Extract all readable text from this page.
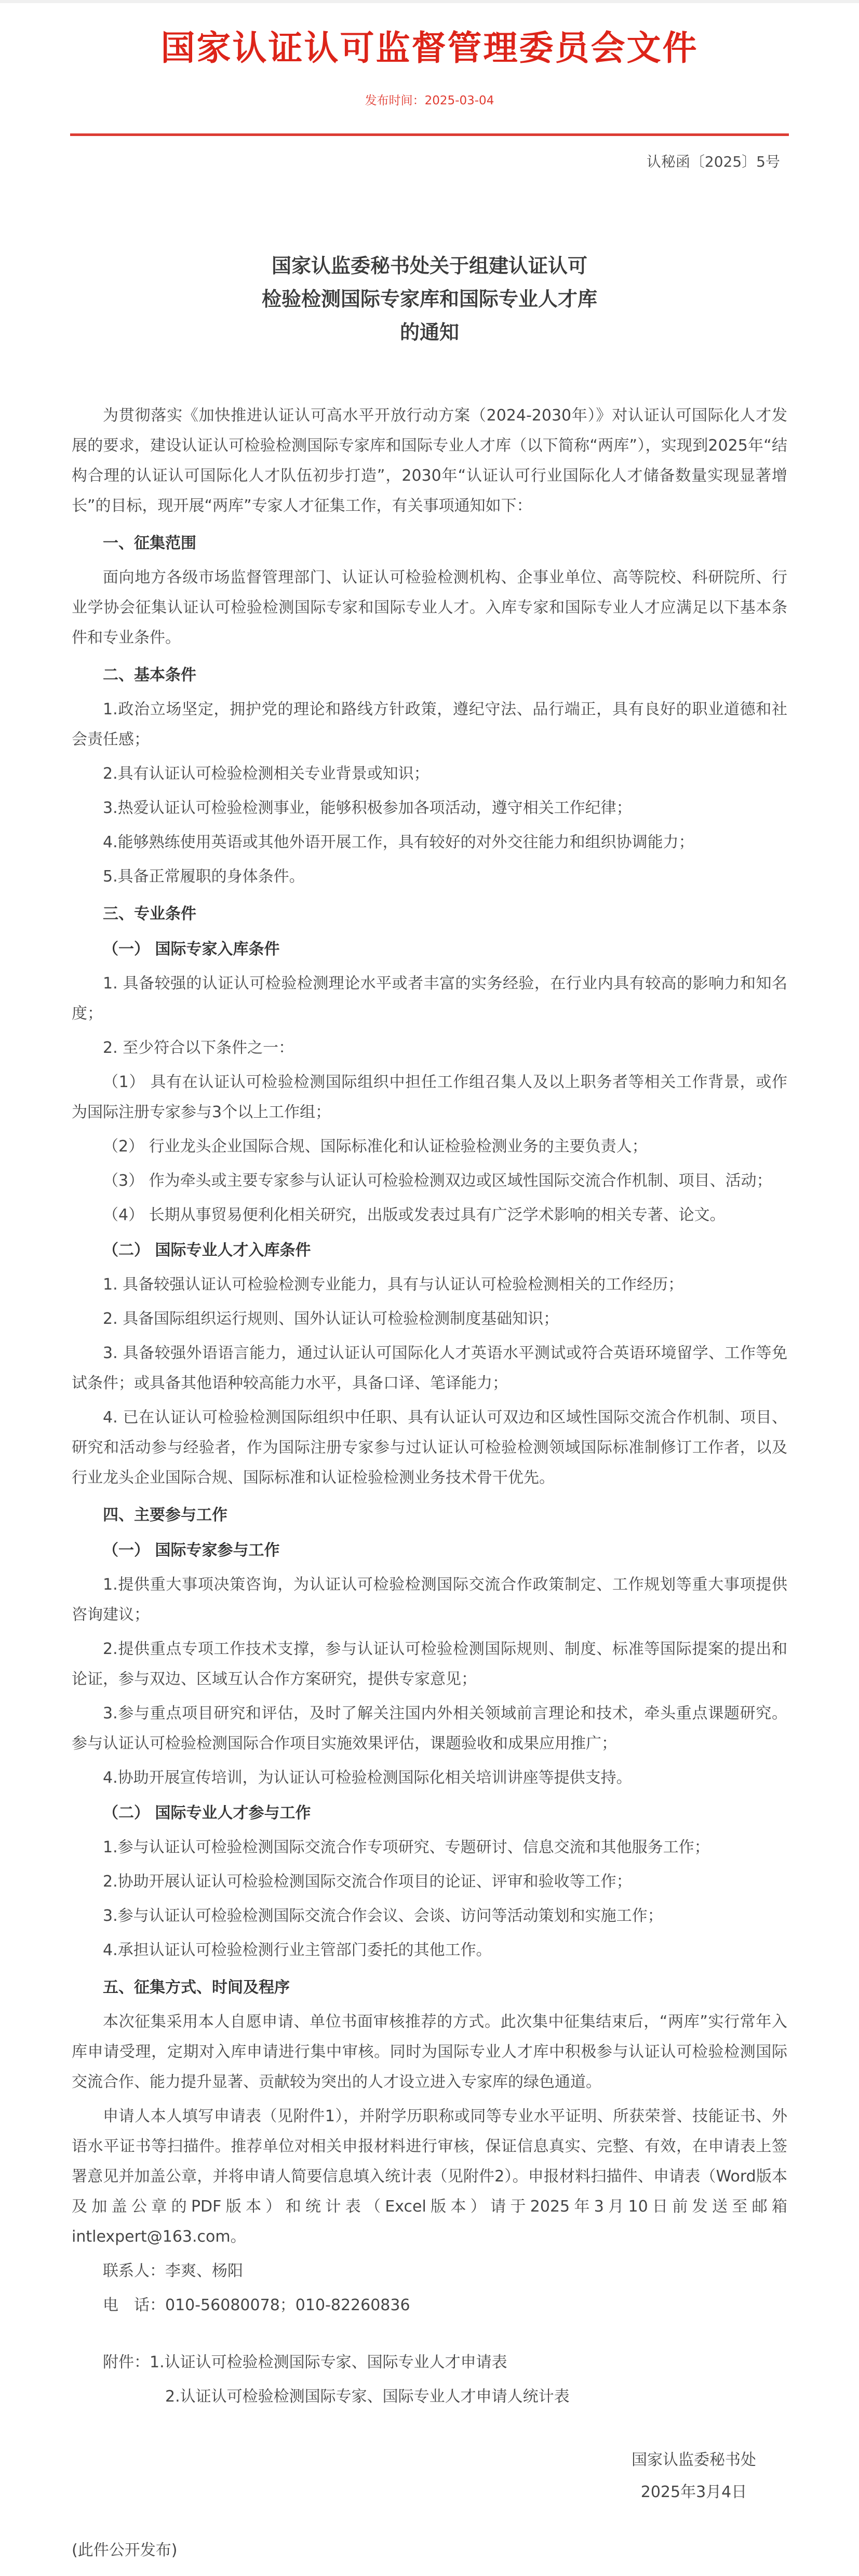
国家认证认可监督管理委员会文件
发布时间：2025-03-04
认秘函〔2025〕5号
国家认监委秘书处关于组建认证认可
检验检测国际专家库和国际专业人才库
的通知
为贯彻落实《加快推进认证认可高水平开放行动方案（2024-2030年）》对认证认可国际化人才发展的要求，建设认证认可检验检测国际专家库和国际专业人才库（以下简称“两库”），实现到2025年“结构合理的认证认可国际化人才队伍初步打造”，2030年“认证认可行业国际化人才储备数量实现显著增长”的目标，现开展“两库”专家人才征集工作，有关事项通知如下：
一、征集范围
面向地方各级市场监督管理部门、认证认可检验检测机构、企事业单位、高等院校、科研院所、行业学协会征集认证认可检验检测国际专家和国际专业人才。入库专家和国际专业人才应满足以下基本条件和专业条件。
二、基本条件
1.政治立场坚定，拥护党的理论和路线方针政策，遵纪守法、品行端正，具有良好的职业道德和社会责任感；
2.具有认证认可检验检测相关专业背景或知识；
3.热爱认证认可检验检测事业，能够积极参加各项活动，遵守相关工作纪律；
4.能够熟练使用英语或其他外语开展工作，具有较好的对外交往能力和组织协调能力；
5.具备正常履职的身体条件。
三、专业条件
（一） 国际专家入库条件
1. 具备较强的认证认可检验检测理论水平或者丰富的实务经验，在行业内具有较高的影响力和知名度；
2. 至少符合以下条件之一：
（1） 具有在认证认可检验检测国际组织中担任工作组召集人及以上职务者等相关工作背景，或作为国际注册专家参与3个以上工作组；
（2） 行业龙头企业国际合规、国际标准化和认证检验检测业务的主要负责人；
（3） 作为牵头或主要专家参与认证认可检验检测双边或区域性国际交流合作机制、项目、活动；
（4） 长期从事贸易便利化相关研究，出版或发表过具有广泛学术影响的相关专著、论文。
（二） 国际专业人才入库条件
1. 具备较强认证认可检验检测专业能力，具有与认证认可检验检测相关的工作经历；
2. 具备国际组织运行规则、国外认证认可检验检测制度基础知识；
3. 具备较强外语语言能力，通过认证认可国际化人才英语水平测试或符合英语环境留学、工作等免试条件；或具备其他语种较高能力水平，具备口译、笔译能力；
4. 已在认证认可检验检测国际组织中任职、具有认证认可双边和区域性国际交流合作机制、项目、研究和活动参与经验者，作为国际注册专家参与过认证认可检验检测领域国际标准制修订工作者，以及行业龙头企业国际合规、国际标准和认证检验检测业务技术骨干优先。
四、主要参与工作
（一） 国际专家参与工作
1.提供重大事项决策咨询，为认证认可检验检测国际交流合作政策制定、工作规划等重大事项提供咨询建议；
2.提供重点专项工作技术支撑，参与认证认可检验检测国际规则、制度、标准等国际提案的提出和论证，参与双边、区域互认合作方案研究，提供专家意见；
3.参与重点项目研究和评估，及时了解关注国内外相关领域前言理论和技术，牵头重点课题研究。参与认证认可检验检测国际合作项目实施效果评估，课题验收和成果应用推广；
4.协助开展宣传培训，为认证认可检验检测国际化相关培训讲座等提供支持。
（二） 国际专业人才参与工作
1.参与认证认可检验检测国际交流合作专项研究、专题研讨、信息交流和其他服务工作；
2.协助开展认证认可检验检测国际交流合作项目的论证、评审和验收等工作；
3.参与认证认可检验检测国际交流合作会议、会谈、访问等活动策划和实施工作；
4.承担认证认可检验检测行业主管部门委托的其他工作。
五、征集方式、时间及程序
本次征集采用本人自愿申请、单位书面审核推荐的方式。此次集中征集结束后，“两库”实行常年入库申请受理，定期对入库申请进行集中审核。同时为国际专业人才库中积极参与认证认可检验检测国际交流合作、能力提升显著、贡献较为突出的人才设立进入专家库的绿色通道。
申请人本人填写申请表（见附件1），并附学历职称或同等专业水平证明、所获荣誉、技能证书、外语水平证书等扫描件。推荐单位对相关申报材料进行审核，保证信息真实、完整、有效，在申请表上签署意见并加盖公章，并将申请人简要信息填入统计表（见附件2）。申报材料扫描件、申请表（Word版本及加盖公章的PDF版本）和统计表（Excel版本）请于2025年3月10日前发送至邮箱intlexpert@163.com。
联系人：李爽、杨阳
电　话：010-56080078；010-82260836
附件：1.认证认可检验检测国际专家、国际专业人才申请表
2.认证认可检验检测国际专家、国际专业人才申请人统计表
国家认监委秘书处
2025年3月4日
(此件公开发布)
